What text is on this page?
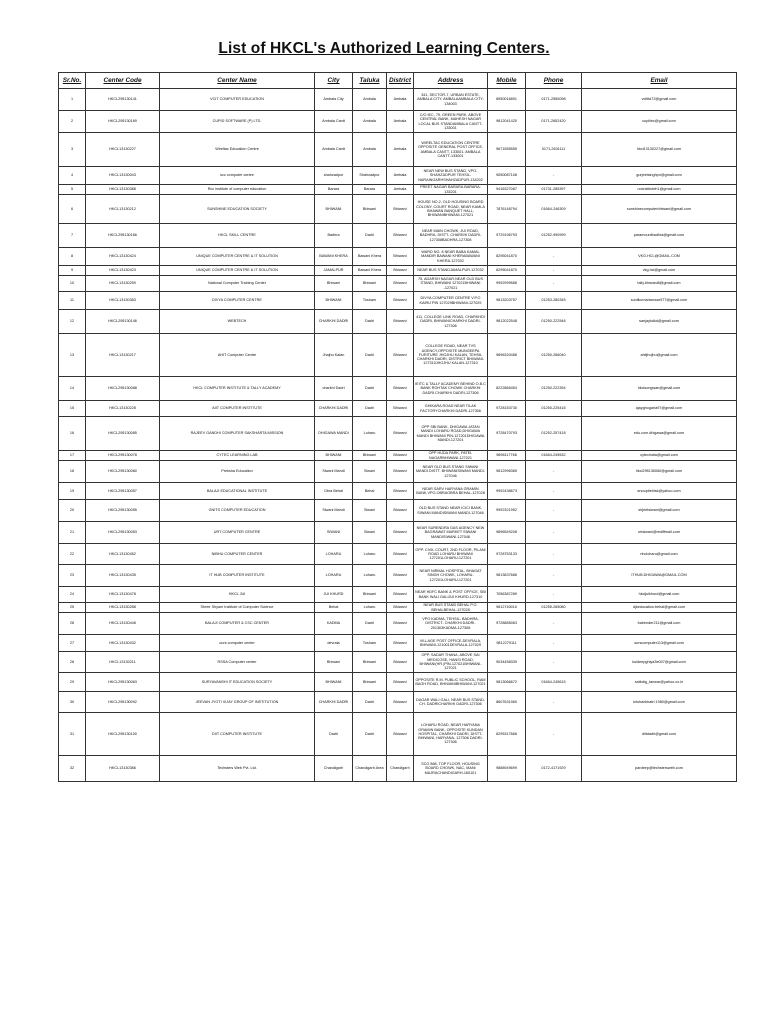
List of HKCL's Authorized Learning Centers.
Sr.No.	Center Code	Center Name	City	Taluka	District	Address	Mobile	Phone	Email
1	HKCL295130141	VCIT COMPUTER EDUCATION	Ambala City	Ambala	Ambala	341, SECTOR-7, URBAN ESTATE, AMBALA CITY, AMBALAAMBALA CITY-134003	8950016891	0171-2550098	vcitltd72@gmail.com
2	HKCL295130169	CUPID SOFTWARE (P) LTD.	Ambala Cantt	Ambala	Ambala	C/O IEC, 79, GREEN PARK, ABOVE CENTRAL BANK, MAHESH NAGAR LOCAL BUS STANDAMBALA CANTT-133001	9812041420	0171-2652420	cupiiiec@gmail.com
3	HKCL13130227	Wireltac Education Centre	Ambala Cantt	Ambala	Ambala	WIRELTAC EDUCATION CENTRE OPPOSITE GENERAL POST OFFICE, AMBALA CANTT, 133001. AMBALA CANTT-133001	9671555555	0171-2631111	hkcl13130227@gmail.com
4	HKCL13130043	scc computer centre	shahzadpur	Shahzadpur	Ambala	NEAR NEW BUS STAND, VPO-SHAHZADPUR TEHSIL-NARAINGARHSHAHZADPUR-134202	9050087108	-	gurjeetsinghpn@gmail.com
5	HKCL13130388	Rcc institute of computer education	Barara	Barara	Ambala	PREET NAGAR BARARA BARARA-133201	9416327087	01731-285397	rccinstituteh1@gmail.com
6	HKCL13130212	SUNSHINE EDUCATION SOCIETY	BHIWANI	Bhiwani	Bhiwani	HOUSE NO.2, OLD HOUSING BOARD COLONY, COURT ROAD, NEAR KAMLA BHAWAN BANQUET HALL, BHIWANIBHIWANI-127021	7876148794	01664-246309	sunshinecomputerbhiwani@gmail.com
7	HKCL295130166	HKCL SKILL CENTRE	Badhra	Dadri	Bhiwani	NEAR MAIN CHOWK, JUI ROAD, BADHRA, DISTT- CHARKHI DADRI-127308BADHRA-127308	9729196793	01252-990999	paramountbadhra@gmail.com
8	HKCL13130424	UNIQUE COMPUTER CENTRE & IT SOLUTION	BAWANI KHERA	Bawani Khera	Bhiwani	WARD NO. 8 NEAR BABA KAMAL MANDIR BAWANI KHERABAWANI KHERA-127032	8295041870	-	VKG.HCL@GMAIL.COM
9	HKCL13130423	UNIQUE COMPUTER CENTRE & IT SOLUTION	JAMALPUR	Bawani Khera	Bhiwani	NEAR BUS STANDJAMALPUR-127032	8295041870	-	vkg.hcl@gmail.com
10	HKCL13130259	National Computer Training Center	Bhiwani	Bhiwani	Bhiwani	75, ADARSH NAGAR,NEAR OLD BUS STAND, BHIWANI 127021BHIWANI -127021	9992999588	-	tally.bhiwani8@gmail.com
11	HKCL13130383	DIVYA COMPUTER CENTRE	BHIWANI	Tosham	Bhiwani	DIVYA COMPUTER CENTRE V.P.O KAIRU PIN 127029BHIWANI-127029	9813203757	01253-280345	sunilkumartanwar977@gmail.com
12	HKCL295130146	WEBTECH	CHARKHI DADRI	Dadri	Bhiwani	411, COLLEGE LINK ROAD, CHARKHDI DADRI, BHIWANICHARKHI DADRI-127306	9812022548	01250-222548	sanjaykdkd@gmail.com
13	HKCL13130217	AHIT Computer Centre	Jhajhu Kalan	Dadri	Bhiwani	COLLEGE ROAD, NEAR TVS AGENCY,OPPOSITE MUNGEEPA FURITURE JHOJHU KALAN, TEHSIL CHARKHI DADRI, DISTRICT BHIWANI-127310JHOJHU KALAN-127310	9896320488	01250-266040	ahitjhojhu@gmail.com
14	HKCL295130088	HKCL COMPUTER INSTITUTE & TALLY ACADEMY	charkhi Dadri	Dadri	Bhiwani	IEITC & TALLY ACADEMY BEHIND O.B.C BANK ROHTAK CHOWK CHARKHI DADRI.CHARKHI DADRI-127306	8222865454	01250-222394	hkclsongwan@gmail.com
15	HKCL13130228	AIIT COMPUTER INSTITUTE	CHARKHI DADRI	Dadri	Bhiwani	GHIKARA ROAD NEAR TILAK FACTORYCHARKHI DADRI-127306	9728153730	01250-225416	ajayghogaria97@gmail.com
16	HKCL295130085	RAJEEV GANDHI COMPUTER SAKSHARTA MISSION	DHIGAWA MANDI	Loharu	Bhiwani	OPP SBI BANK, DHIGAWA JATAN MANDI LOHARU ROAD,DHIGAWA MANDI BHIWANI PIN-127201DHIGAWA MANDI-127201	9728470793	01252-257418	edu.com.dhigawa@gmail.com
17	HKCL295130078	CYTEC LEARNING LAB	BHIWANI	Bhiwani	Bhiwani	OPP HUDA PARK, PATEL NAGARBHIWANI-127021	9896117766	01664-245532	cytecindia@gmail.com
18	HKCL295130060	Preksha Education	Siwani Mandi	Siwani	Bhiwani	NEAR OLD BUS STAND SIWANI MANDI.DISTT. BHIWANISIWANI MANDI-127046	9812996365	-	hkcl295130060@gmail.com
19	HKCL295130057	BALAJI EDUCATIONAL INSTITUTE	Obra Behal	Behal	Bhiwani	NEAR SARV HARYANA GRAMIN BANK,VPO-OBRAOBRA BEHAL-127028	9992438673	-	anoopitehisk@yahoo.com
20	HKCL295130055	GNITS COMPUTER EDUCATION	Siwani Mandi	Siwani	Bhiwani	OLD BUS STAND NEAR ICICI BANK, SIWANI MANDISIWANI MANDI-127046	9992321952	-	sirjeetsiwani@gmail.com
21	HKCL295130053	URT COMPUTER CENTRE	SIWANI	Siwani	Bhiwani	NEAR SURENDRA GAS AGENCY NEW BAGRAWAT MARKET SIWANI MANDISIWANI-127046	9896549208	-	urtsiwani@rediffmail.com
22	HKCL13130452	NIBHU COMPUTER CENTER	LOHARU	Loharu	Bhiwani	OPP. CIVIL COURT, 2ND FLOOR, PILANI ROAD LOHARU BHIWANI 127201LOHARU-127201	9728753133	-	nhcloharu@gmail.com
23	HKCL13130435	IT HUB COMPUTER INSTITUTE	LOHARU	Loharu	Bhiwani	NEAR NIRMAL HOSPITAL, BHAGAT SINGH CHOWK, LOHARU- 127201LOHARU-127201	9813637686	-	ITHUB.DHIGAWA@GMAIL.COM
24	HKCL13130478	HKCL JUI	JUI KHURD	Bhiwani	Bhiwani	NEAR HDFC BANK & POST OFFICE, SBI BANK WALI GALIJUI KHURD-127310	7056387289	-	hkcljuikhurd@gmail.com
25	HKCL13130288	Shree Shyam Institute of Computer Science	Behal	Loharu	Bhiwani	NEAR BUS STAND BEHAL P.O. BEHALBEHAL-127028	9812740010	01255-265080	djkeducation.behal@gmail.com
26	HKCL13130448	BALAJI COMPUTER & CSC CENTER	KADMA	Dadri	Bhiwani	VPO KADMA, TEHSIL- BADHRA, DISTRICT- CHARKHI DADRI-201303KADMA-127308	9728885063	-	balrender211@gmail.com
27	HKCL13130432	ours computer center	devrala	Tosham	Bhiwani	VILLAGE POST OFFICE-DEVRALA, BHIWANI-121001DEVRALA-127029	9812279111	-	ourscomputer113@gmail.com
28	HKCL13130211	RSSA Computer center	Bhiwani	Bhiwani	Bhiwani	OPP. SADAR THANA, ABOVE SAI MEDICOSE, HANSI ROAD, BHIWANI(HR.)PIN-127021BHIWANI-127021	9034458339	-	kuldeepghiya3e007@gmail.com
29	HKCL295130063	SURYAVANSHI IT EDUCATION SOCIETY	BHIWANI	Bhiwani	Bhiwani	OPPOSITE R.M. PUBLIC SCHOOL, RAM BAGH ROAD, BHIWANIBHIWANI-127021	9813066672	01664-245615	satbdig_tanwar@yahoo.co.in
30	HKCL295130092	JEEVAN JYOTI VIJAY GROUP OF INSTITUTION	CHARKHI DADRI	Dadri	Bhiwani	DAGAR WALI GALI, NEAR BUS STAND, CH. DADRICHARKHI DADRI-127306	8607631960	-	krishankhatri.1980@gmail.com
31	HKCL295130100	DIIT COMPUTER INSTITUTE	Dadri	Dadri	Bhiwani	LOHARU ROAD, NEAR HARYANA GRAMIN BANK, OPPOSITE KUNDAN HOSPITAL, CHARKHI DADRI, DISTT- BHIWANI, HARYANA- 127306 DADRI-127306	8295317666	-	diitdadri@gmail.com
32	HKCL13130386	Techsters Web Pvt. Ltd.	Chandigarh	Chandigarh Area	Chandigarh	SCO 868, TOP FLOOR, HOUSING BOARD CHOWK, NAC, MANI MAJRACHANDIGARH-160101	9888949699	0172-4171929	pardeep@techstersweb.com
